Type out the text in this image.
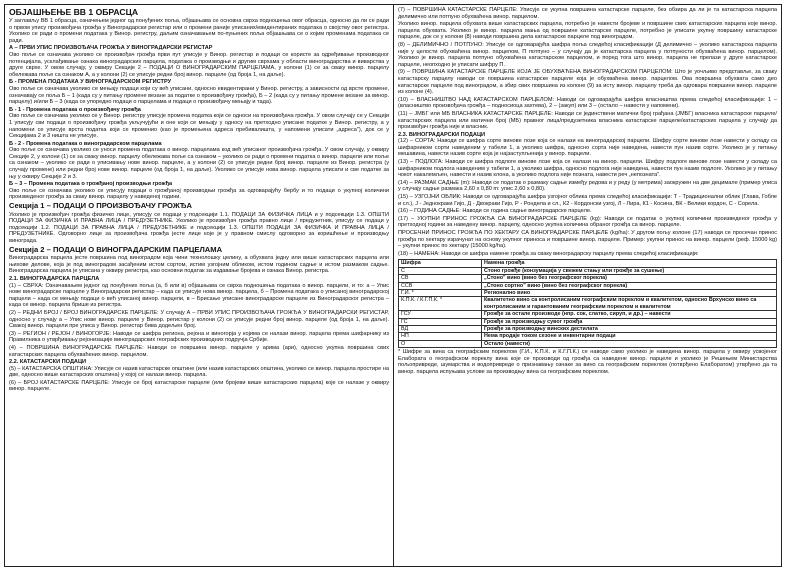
ОБЈАШЊЕЊЕ ВВ 1 ОБРАСЦА

У заглављу ВВ 1 обрасца, означењем једног од понуђених поља, објашњава се основна сврха подношења овог обрасца, односно да ли се ради о првом упису произвођача грожђа у Виноградарски регистар или о промени раније уписаних/евидентираних података о својству овог регистра. Уколико се ради о промени података у Винор. регистру, даљим означавањем по-пуњених поља објашњава се о којим променама података се ради.

А – ПРВИ УПИС ПРОИЗВОЂАЧА ГРОЖЂА У ВИНОГРАДАРСКИ РЕГИСТАР

Ово поље се означава уколико се произвођач грожђа први пут уписује у Винор. регистар и подаци се користе за одређивање производног потенцијала, усклађивање ознака виноградарских парцела, података о производњи и другим сврхама у области виноградарства и виварства у друге сврхе. У овом случају, у оквиру Секције 2 – ПОДАЦИ О ВИНОГРАДАРСКИМ ПАРЦЕЛАМА, у колони (1) се за сваку винор. парцелу обележава поље са ознаком А, а у колони (2) се уписује редни број винор. парцеле (од броја 1, на даље).

Б - ПРОМЕНА ПОДАТАКА У ВИНОГРАДАРСКОМ РЕГИСТРУ

Ово поље се означава уколико се мењају подаци који су већ уписани, односно евидентирани у Винор. регистру, а зависности од врсте промене, означавају се поља Б – 1 (када су у питању промене везане за податке о произвођачу грожђа), Б – 2 (када су у питању промене везане за винор. парцелу) и/или Б – 3 (када се упоредно подаци о парцелама и подаци о произвођачу мењају и тада).

Б - 1 - Промена података о произвођачу грожђа

Ово поље се означава уколико се у Винор. регистру уписује промена податка који се односи на произвођача грожђа. У овом случају се у Секцији 1 уписују сви подаци о произвођачу грожђа укључујући и оне који се мењају у односу на претходно уписане податке у Винор. регистру, а у напомени се уписује врста податка који се променио (као је промењена адреса пребивалишта, у напомени уписати „адреса"), док се у Секцијама 2 и 3 ништа не уписује.

Б - 2 - Промена података о виноградарском парцелама

Ово поље се означава уколико се уноси промена података о винор. парцелама код већ уписаног произвођача грожђа. У овом случају, у оквиру Секције 2, у колони (1) се за сваку винор. парцелу обележава поље са ознаком – уколико се ради о промени податка о винор. парцели или поље са ознаком – уколико се ради о уписивању нове винор. парцеле, а у колони (2) се уписује редни број винор. парцеле из Винор. регистра (у случају промене) или редни број нове винор. парцеле (од броја 1, на даље). Уколико се уписује нова винор. парцела уписати и све податке за њу у оквиру Секције 2 и 3.

Б – 3 – Промена података о грожђаној производњи грожђа

Ово поље се означава уколико се уписују подаци о грожђаној производњи грожђа за одговарајућу бербу и то подаци о укупној количини произведеног грожђа за сваку винор. парцелу у наведеној години.

Секција 1 – ПОДАЦИ О ПРОИЗВОЂАЧУ ГРОЖЂА

Уколико је произвођач грожђа физичко лице, уписују се подаци у подсекцији 1.1. ПОДАЦИ ЗА ФИЗИЧКА ЛИЦА и у подсекцији 1.3. ОПШТИ ПОДАЦИ ЗА ФИЗИЧКА И ПРАВНА ЛИЦА / ПРЕДУЗЕТНИКЕ. Уколико је произвођач грожђа правно лице / предузетник, уписују се подаци у подсекцији 1.2. ПОДАЦИ ЗА ПРАВНА ЛИЦА / ПРЕДУЗЕТНИКЕ и подсекцији 1.3. ОПШТИ ПОДАЦИ ЗА ФИЗИЧКА И ПРАВНА ЛИЦА / ПРЕДУЗЕТНИКЕ. Одговорно лице за произвођача грожђа јесте лице које је у правном смислу одговорно за коришћење и производњу винограда.

Секција 2 – ПОДАЦИ О ВИНОГРАДАРСКИМ ПАРЦЕЛАМА

Виноградарска парцела јесте површина под виноградом која чини технолошку целину, а обухвата једну или више катастарских парцела или њихове делове, која је под виноградом засађеним истом сортом, истим узгојним обликом, истом годином садње и истом размаком садње. Виноградарска парцела је уписана у оквиру регистра, као основни податак за издавање бројева и ознака Винор. регистра.

2.1. ВИНОГРАДАРСКА ПАРЦЕЛА

(1) – СВРХА: Означавањем једног од понуђених поља (а, б или в) објашњава се сврха подношења података о винор. парцели, и то: а – Упис нове виноградарске парцеле у Виноградарски регистар – када се уписује нова винор. парцела, б – Промена података о уписаној виноградарској парцели – када се мењају подаци о већ уписаној винор. парцели, в – Брисање уписане виноградарске парцеле из Виноградарског регистра – када се винор. парцела брише из регистра.

(2) – РЕДНИ БРОЈ / БРОЈ ВИНОГРАДАРСКЕ ПАРЦЕЛЕ: У случају А – ПРВИ УПИС ПРОИЗВОЂАЧА ГРОЖЂА У ВИНОГРАДАРСКИ РЕГИСТАР, односно у случају а – Упис нове винор. парцеле у Винор. регистар у колони (2) се уписује редни број винор. парцеле (од броја 1, на даље). Свакој винор. парцели пре уписа у Винор. регистар бива додељен број.

(3) – РЕГИОН / РЕЈОН / ВИНОГОРЈЕ: Наводе се шифра региона, рејона и виногорја у којима се налази винор. парцела према шифарнику из Правилника о утврђивању рејонизације виноградарских географских производних подручја Србије.

(4) – ПОВРШИНА ВИНОГРАДАРСКЕ ПАРЦЕЛЕ: Наводи се површина винор. парцеле у арима (ари), односно укупна површина свих катастарских парцела обухваћених винор. парцелом.

2.2. КАТАСТАРСКИ ПОДАЦИ

(5) – КАТАСТАРСКА ОПШТИНА: Уписује се назив катастарске општине (или назив катастарских општина, уколико се винор. парцела простире на две, односно више катастарских општина) у којој се налази винор. парцела.

(6) – БРОЈ КАТАСТАРСКЕ ПАРЦЕЛЕ: Уписује се број катастарске парцеле (или бројеви више катастарских парцела) које се налазе у оквиру винор. парцеле.

(7) – ПОВРШИНА КАТАСТАРСКЕ ПАРЦЕЛЕ: Уписује се укупна површина катастарске парцеле, без обзира да ли је та катастарска парцела делимично или потпуно обухваћена винор. парцелом.

Уколико винор. парцела обухвата више катастарских парцела, потребно је навести бројеве и површине свих катастарских парцела које винор. парцела обухвата. Уколико је винор. парцела мања од површине катастарске парцеле, потребно је уписати укупну површину катастарске парцеле, док се у колони (8) наводи површина дела катастарске парцеле под виноградом.

(8) – ДЕЛИМИЧНО / ПОТПУНО: Уписује се одговарајућа шифра поља следећој класификацији (Д делимично – уколико катастарска парцела није у целости обухваћена винор. парцелом, П потпуно – у случају да је катастарска парцела у потпуности обухваћена винор. парцелом). Уколико је винор. парцела потпуно обухваћена катастарском парцелом, и поред тога што винор. парцела не прелази у друге катастарске парцеле, неопходно је уписати шифру П.

(9) – ПОВРШИНА КАТАСТАРСКЕ ПАРЦЕЛЕ КОЈА ЈЕ ОБУХВАЋЕНА ВИНОГРАДАРСКОМ ПАРЦЕЛОМ: Што је уочљиво представље, за сваку катастарску парцелу наводи се површина катастарске парцеле која је обухваћена винор. парцелом. Ова површина обухвата само део катастарске парцеле под виноградом, а збир свих површина из колоне (9) за исту винор. парцелу треба да одговара површини винор. парцеле из колоне (4).

(10) – ВЛАСНИШТВО НАД КАТАСТАРСКОМ ПАРЦЕЛОМ: Наводи се одговарајућа шифра власништва према следећој класификацији: 1 – (власништво произвођача грожђа – подносиоца захтева), 2 – (закуп) или 3 – (остало – навести у напомени).

(11) – ЈМБГ или МБ ВЛАСНИКА КАТАСТАРСКЕ ПАРЦЕЛЕ: Наводи се јединствени матични број грађана (ЈМБГ) власника катастарске парцеле/катастарских парцела или матични број (МБ) правног лица/предузетника власника катастарске парцеле/катастарских парцела у случају да произвођач грожђа није и власник.

2.3. ВИНОГРАДАРСКИ ПОДАЦИ

(12) – СОРТА: Наводи се шифра сорте винове лозе која се налази на виноградарској парцели. Шифру сорте винове лозе навести у складу са шифарником сорти наведеним у табели 1, а уколико шифра, односно сорта није наведена, навести пун назив сорте. Уколико је у питању мешавина, навести назив сорте која је најзаступљенија у винор. парцели.

(13) – ПОДЛОГА: Наводи се шифра подлоге винове лозе која се налази на винор. парцели. Шифру подлоге винове лозе навести у складу са шифарником подлога наведеним у табели 1, а уколико шифра, односно подлога није наведена, навести пун назив подлоге. Уколико је у питању чокот накалемљен, навести и назив клона, а уколико подлога није позната, навести реч „непозната".

(14) – РАЗМАК САДЊЕ (m): Наводи се податак о размаку садње између редова и у реду (у метрима) заокружен на две децимале (пример уписа у случају садње размака 2,60 x 0,80 m: упис 2,60 x 0,80).

(15) – УЗГОЈНИ ОБЛИК: Наводи се одговарајућа шифра узгојног облика према следећој класификацији: Т - Традиционални облик (Глава, Гобле и сл.), Ј - Једнокраки Гијо, Д - Двокраки Гијо, Р - Рондела и сл., К2 - Кордонски узгој, Л - Лира, К1 - Косина, ВК - Велики кордон, С - Сорела.

(16) – ГОДИНА САДЊЕ: Наводи се година садње виноградарске парцеле.

(17) – УКУПНИ ПРИНОС ГРОЖЂА СА ВИНОГРАДАРСКЕ ПАРЦЕЛЕ (kg): Наводи се податак о укупној количини произведеног грожђа у претходној години за наведену винор. парцелу, односно укупна количина обраног грожђа са винор. парцеле.

ПРОСЕЧНИ ПРИНОС ГРОЖЂА ПО ХЕКТАРУ СА ВИНОГРАДАРСКЕ ПАРЦЕЛЕ (kg/ha): У другом пољу колоне (17) наводи се просечан принос грожђа по хектару израчунат на основу укупног приноса и површине винор. парцеле. Пример: укупни принос на винор. парцели (реф. 15000 kg) – укупни принос по хектару (15000 kg/ha).

(18) – НАМЕНА: Наводи се шифра намене грожђа за сваку виноградарску парцелу према следећој класификацији:

Шифра	Намена грожђа
С	Стоно грожђе (конзумација у свежем стању или грожђе за сушење)
СВ	„Стоно" вино (вино без географског порекла)
ССВ	„Стоно сортно" вино (вино без географског порекла)
Г.И. *	Регионално вино
К.П.К. / К.Г.П.К. *	Квалитетно вино са контролисаним географским пореклом и квалитетом, односно Врхунско вино са контролисаним и гарантованим географским пореклом и квалитетом
ГСУ	Грожђе за остале производе (нпр. сок, слатко, сируп, и др.) – навести
ГС	Грожђе за производњу сувог грожђа
ВД	Грожђе за производњу винских дестилата
НП	Нема продаје током сезоне и инвентарни подаци
О	Остало (навести)

* Шифре за вина са географским пореклом (Г.И., К.П.К. и К.Г.П.К.) се наводе само уколико је наведена винор. парцела у оквиру усвојеног Елабората о географском пореклу вина које се производи од грожђа са наведене винор. парцеле и уколико је Решењем Министарства пољопривреде, шумарства и водопривреде о признавању ознаке за вино са географским пореклом (потврђено Елаборатом) утврђено да та винор. парцела испуњава услове за производњу вина са географским пореклом.
